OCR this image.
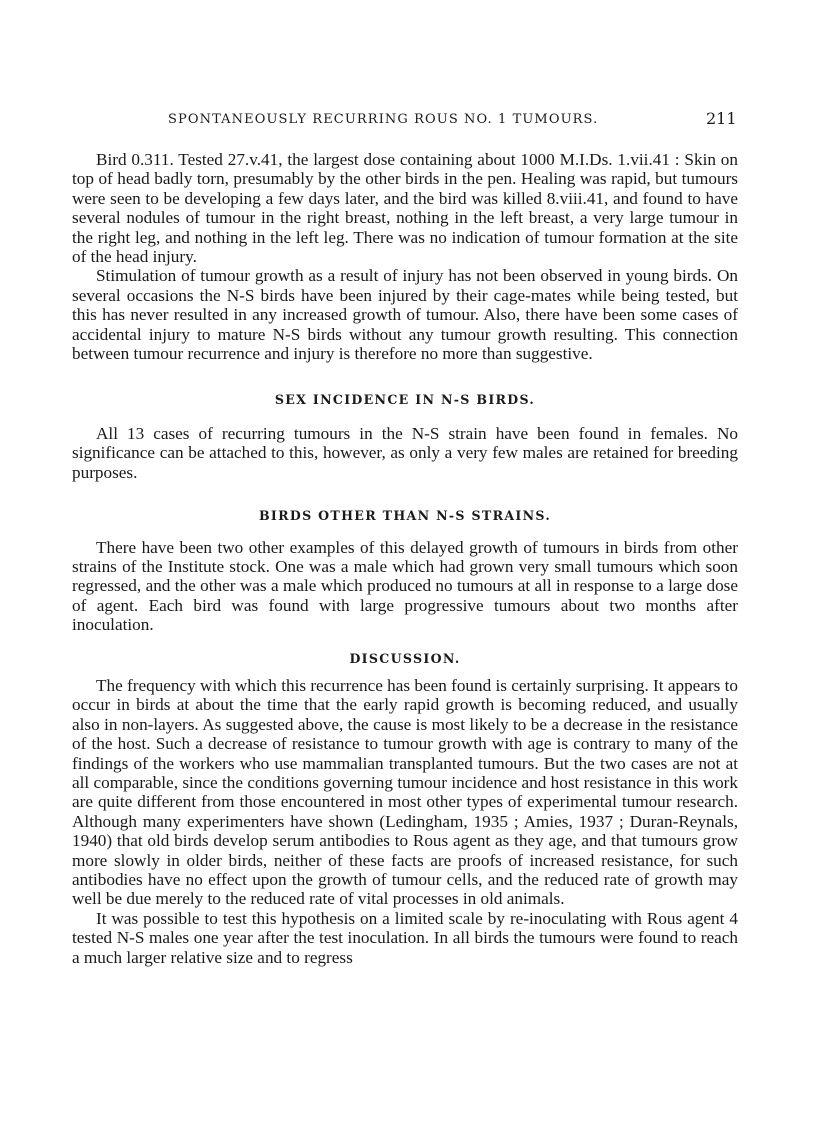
SPONTANEOUSLY RECURRING ROUS NO. 1 TUMOURS.	211

Bird 0.311. Tested 27.v.41, the largest dose containing about 1000 M.I.Ds. 1.vii.41 : Skin on top of head badly torn, presumably by the other birds in the pen. Healing was rapid, but tumours were seen to be developing a few days later, and the bird was killed 8.viii.41, and found to have several nodules of tumour in the right breast, nothing in the left breast, a very large tumour in the right leg, and nothing in the left leg. There was no indication of tumour formation at the site of the head injury.

Stimulation of tumour growth as a result of injury has not been observed in young birds. On several occasions the N-S birds have been injured by their cage-mates while being tested, but this has never resulted in any increased growth of tumour. Also, there have been some cases of accidental injury to mature N-S birds without any tumour growth resulting. This connection between tumour recurrence and injury is therefore no more than suggestive.

SEX INCIDENCE IN N-S BIRDS.

All 13 cases of recurring tumours in the N-S strain have been found in females. No significance can be attached to this, however, as only a very few males are retained for breeding purposes.

BIRDS OTHER THAN N-S STRAINS.

There have been two other examples of this delayed growth of tumours in birds from other strains of the Institute stock. One was a male which had grown very small tumours which soon regressed, and the other was a male which produced no tumours at all in response to a large dose of agent. Each bird was found with large progressive tumours about two months after inoculation.

DISCUSSION.

The frequency with which this recurrence has been found is certainly surprising. It appears to occur in birds at about the time that the early rapid growth is becoming reduced, and usually also in non-layers. As suggested above, the cause is most likely to be a decrease in the resistance of the host. Such a decrease of resistance to tumour growth with age is contrary to many of the findings of the workers who use mammalian transplanted tumours. But the two cases are not at all comparable, since the conditions governing tumour incidence and host resistance in this work are quite different from those encountered in most other types of experimental tumour research. Although many experimenters have shown (Ledingham, 1935 ; Amies, 1937 ; Duran-Reynals, 1940) that old birds develop serum antibodies to Rous agent as they age, and that tumours grow more slowly in older birds, neither of these facts are proofs of increased resistance, for such antibodies have no effect upon the growth of tumour cells, and the reduced rate of growth may well be due merely to the reduced rate of vital processes in old animals.

It was possible to test this hypothesis on a limited scale by re-inoculating with Rous agent 4 tested N-S males one year after the test inoculation. In all birds the tumours were found to reach a much larger relative size and to regress
